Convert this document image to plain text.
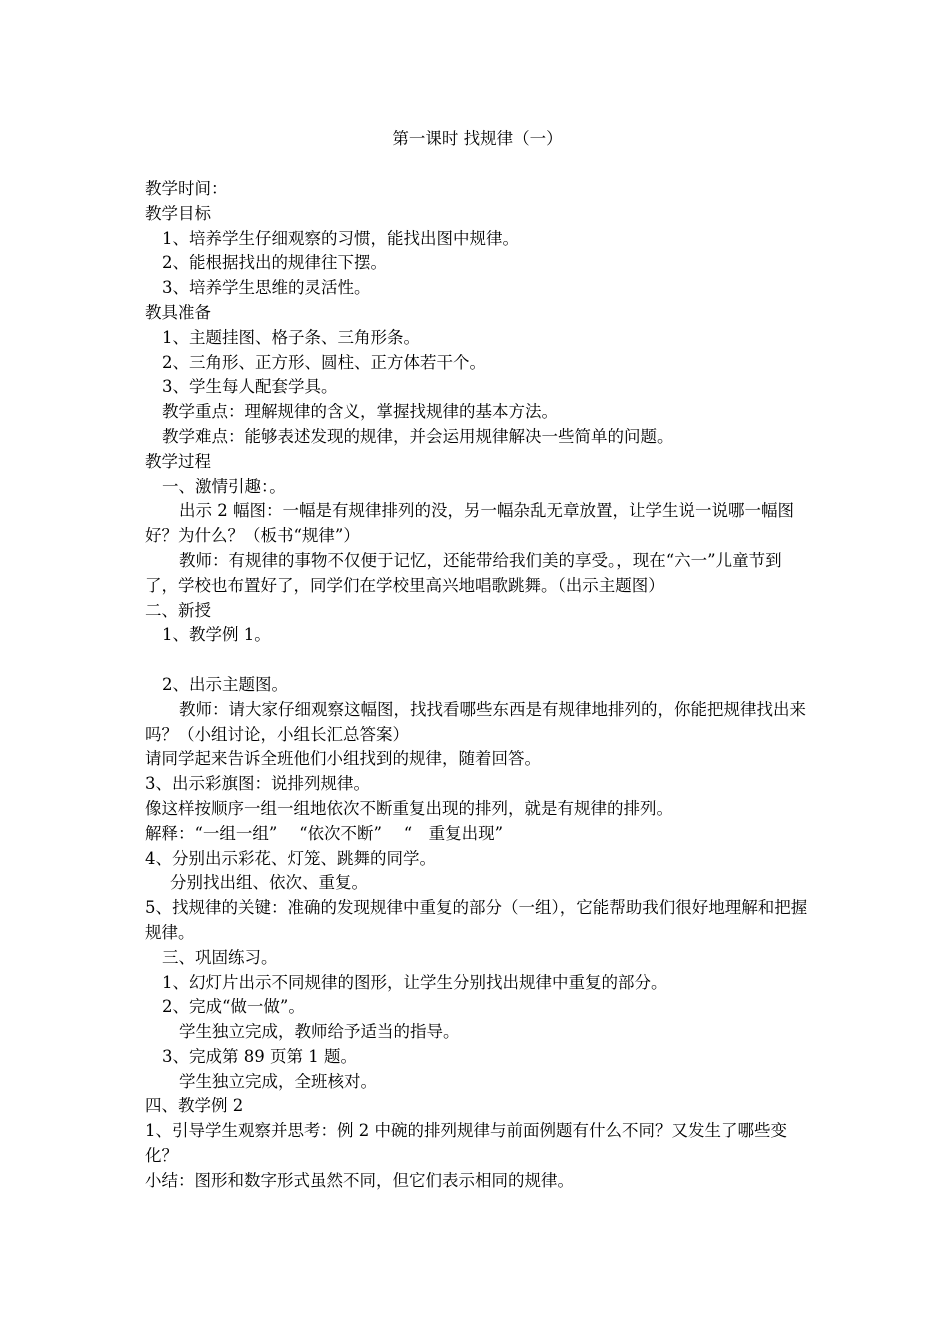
第一课时 找规律（一）
教学时间：
教学目标
1、培养学生仔细观察的习惯，能找出图中规律。
2、能根据找出的规律往下摆。
3、培养学生思维的灵活性。
教具准备
1、主题挂图、格子条、三角形条。
2、三角形、正方形、圆柱、正方体若干个。
3、学生每人配套学具。
教学重点：理解规律的含义，掌握找规律的基本方法。
教学难点：能够表述发现的规律，并会运用规律解决一些简单的问题。
教学过程
一、激情引趣：。
出示 2 幅图：一幅是有规律排列的没，另一幅杂乱无章放置，让学生说一说哪一幅图好？为什么？（板书“规律”）
教师：有规律的事物不仅便于记忆，还能带给我们美的享受。，现在“六一”儿童节到了，学校也布置好了，同学们在学校里高兴地唱歌跳舞。（出示主题图）
二、新授
1、教学例 1。
2、出示主题图。
教师：请大家仔细观察这幅图，找找看哪些东西是有规律地排列的，你能把规律找出来吗？（小组讨论，小组长汇总答案）
请同学起来告诉全班他们小组找到的规律，随着回答。
3、出示彩旗图：说排列规律。
像这样按顺序一组一组地依次不断重复出现的排列，就是有规律的排列。
解释：“一组一组”　 “依次不断”　 “　重复出现”
4、分别出示彩花、灯笼、跳舞的同学。
分别找出组、依次、重复。
5、找规律的关键：准确的发现规律中重复的部分（一组），它能帮助我们很好地理解和把握规律。
三、巩固练习。
1、幻灯片出示不同规律的图形，让学生分别找出规律中重复的部分。
2、完成“做一做”。
学生独立完成，教师给予适当的指导。
3、完成第 89 页第 1 题。
学生独立完成，全班核对。
四、教学例 2
1、引导学生观察并思考：例 2 中碗的排列规律与前面例题有什么不同？又发生了哪些变化？
小结：图形和数字形式虽然不同，但它们表示相同的规律。
